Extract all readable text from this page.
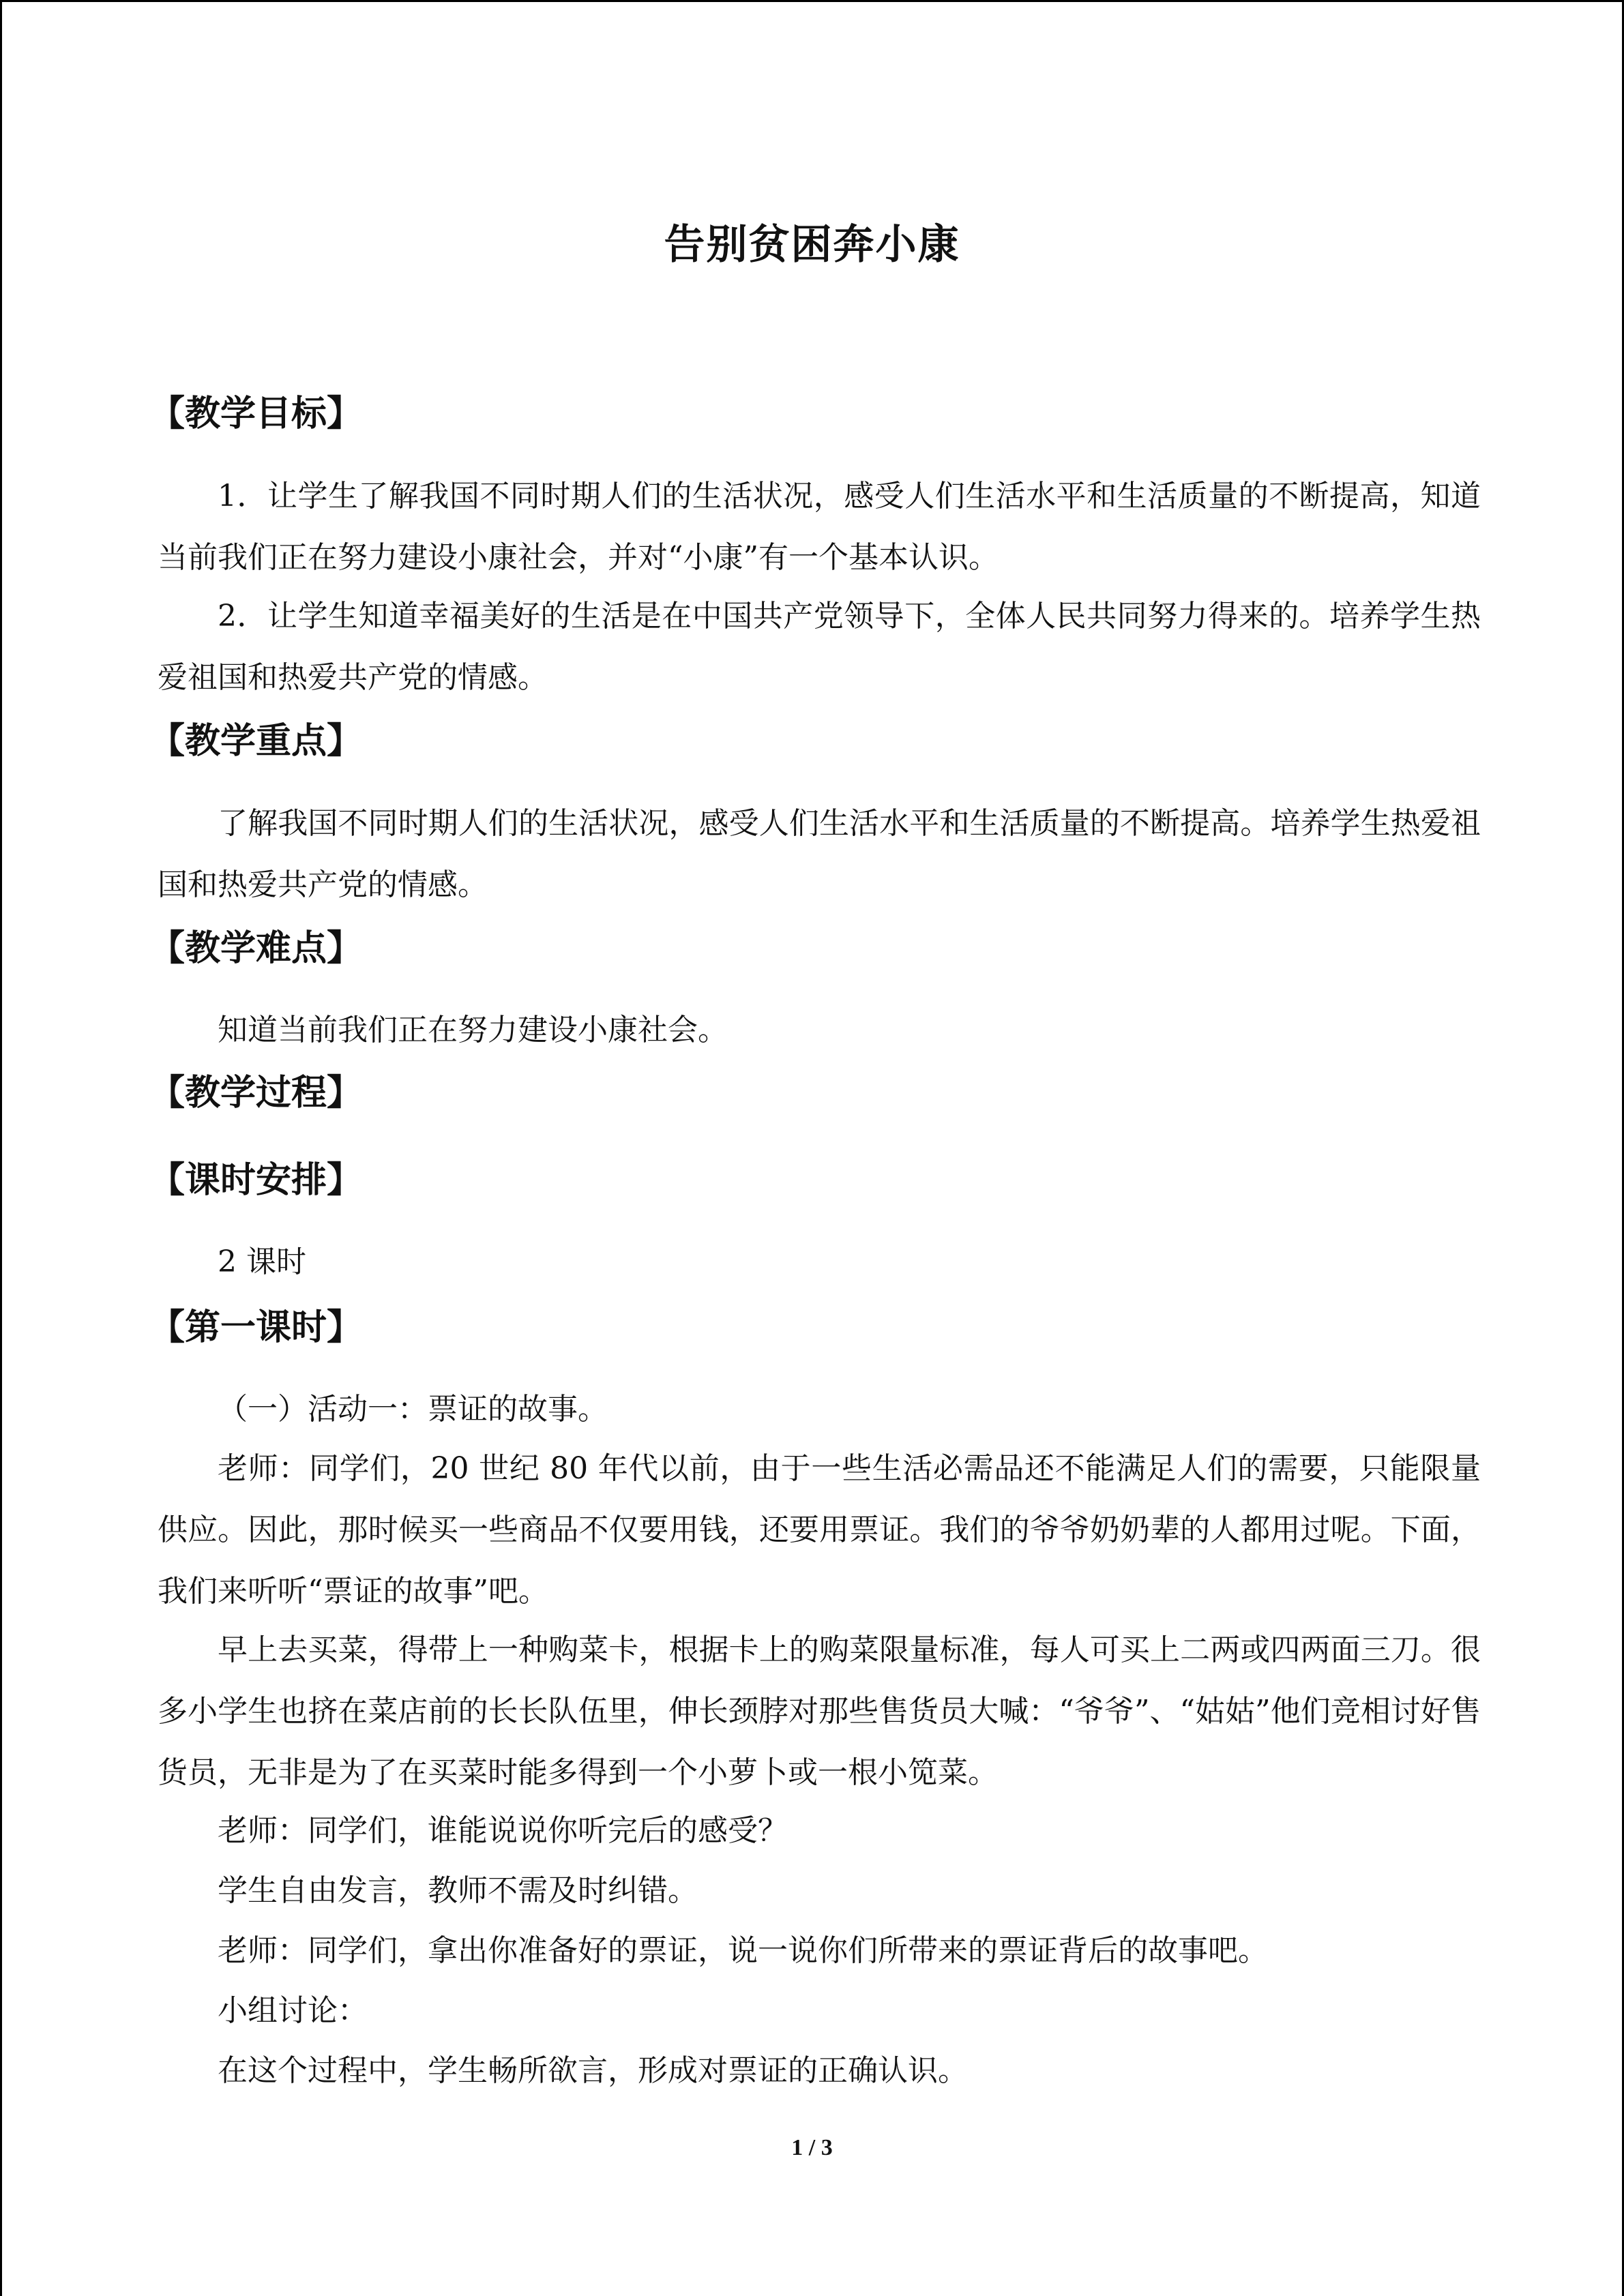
告别贫困奔小康
【教学目标】

1．让学生了解我国不同时期人们的生活状况，感受人们生活水平和生活质量的不断提高，知道当前我们正在努力建设小康社会，并对“小康”有一个基本认识。

2．让学生知道幸福美好的生活是在中国共产党领导下，全体人民共同努力得来的。培养学生热爱祖国和热爱共产党的情感。

【教学重点】

了解我国不同时期人们的生活状况，感受人们生活水平和生活质量的不断提高。培养学生热爱祖国和热爱共产党的情感。

【教学难点】
知道当前我们正在努力建设小康社会。
【教学过程】
【课时安排】
2 课时
【第一课时】
（一）活动一：票证的故事。

老师：同学们，20 世纪 80 年代以前，由于一些生活必需品还不能满足人们的需要，只能限量供应。因此，那时候买一些商品不仅要用钱，还要用票证。我们的爷爷奶奶辈的人都用过呢。下面，我们来听听“票证的故事”吧。

早上去买菜，得带上一种购菜卡，根据卡上的购菜限量标准，每人可买上二两或四两面三刀。很多小学生也挤在菜店前的长长队伍里，伸长颈脖对那些售货员大喊：“爷爷”、“姑姑”他们竞相讨好售货员，无非是为了在买菜时能多得到一个小萝卜或一根小笕菜。

老师：同学们，谁能说说你听完后的感受？
学生自由发言，教师不需及时纠错。
老师：同学们，拿出你准备好的票证，说一说你们所带来的票证背后的故事吧。
小组讨论：
在这个过程中，学生畅所欲言，形成对票证的正确认识。
1 / 3
